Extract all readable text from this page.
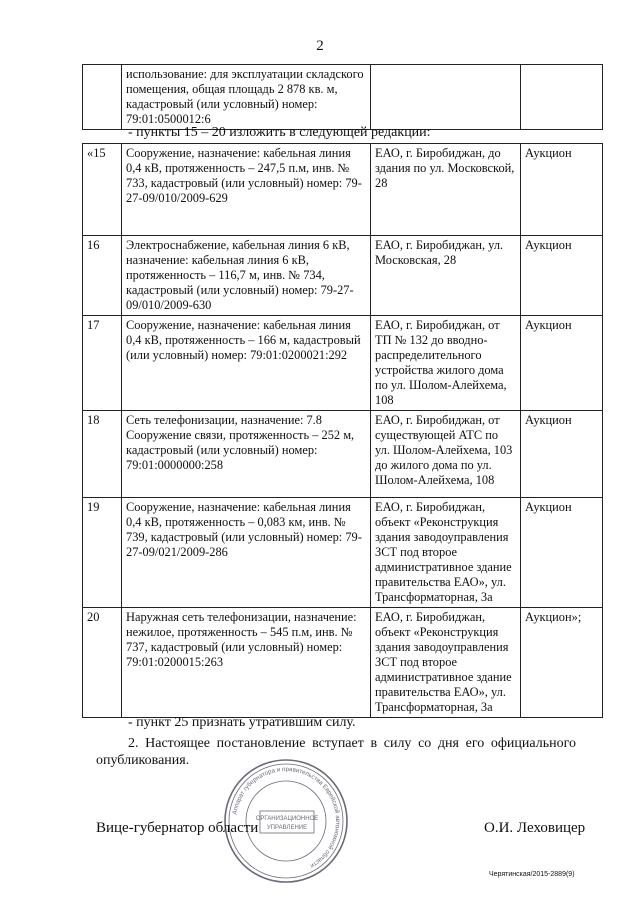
2
	использование: для эксплуатации складского помещения, общая площадь 2 878 кв. м, кадастровый (или условный) номер: 79:01:0500012:6		
- пункты 15 – 20 изложить в следующей редакции:
«15	Сооружение, назначение: кабельная линия 0,4 кВ, протяженность – 247,5 п.м, инв. № 733, кадастровый (или условный) номер: 79-27-09/010/2009-629	ЕАО, г. Биробиджан, до здания по ул. Московской, 28	Аукцион
16	Электроснабжение, кабельная линия 6 кВ, назначение: кабельная линия 6 кВ, протяженность – 116,7 м, инв. № 734, кадастровый (или условный) номер: 79-27-09/010/2009-630	ЕАО, г. Биробиджан, ул. Московская, 28	Аукцион
17	Сооружение, назначение: кабельная линия 0,4 кВ, протяженность – 166 м, кадастровый (или условный) номер: 79:01:0200021:292	ЕАО, г. Биробиджан, от ТП № 132 до вводно-распределительного устройства жилого дома по ул. Шолом-Алейхема, 108	Аукцион
18	Сеть телефонизации, назначение: 7.8 Сооружение связи, протяженность – 252 м, кадастровый (или условный) номер: 79:01:0000000:258	ЕАО, г. Биробиджан, от существующей АТС по ул. Шолом-Алейхема, 103 до жилого дома по ул. Шолом-Алейхема, 108	Аукцион
19	Сооружение, назначение: кабельная линия 0,4 кВ, протяженность – 0,083 км, инв. № 739, кадастровый (или условный) номер: 79-27-09/021/2009-286	ЕАО, г. Биробиджан, объект «Реконструкция здания заводоуправления ЗСТ под второе административное здание правительства ЕАО», ул. Трансформаторная, 3а	Аукцион
20	Наружная сеть телефонизации, назначение: нежилое, протяженность – 545 п.м, инв. № 737, кадастровый (или условный) номер: 79:01:0200015:263	ЕАО, г. Биробиджан, объект «Реконструкция здания заводоуправления ЗСТ под второе административное здание правительства ЕАО», ул. Трансформаторная, 3а	Аукцион»;
- пункт 25 признать утратившим силу.
2. Настоящее постановление вступает в силу со дня его официального опубликования.
Аппарат губернатора и правительства Еврейской автономной области
ОРГАНИЗАЦИОННОЕ
УПРАВЛЕНИЕ
Вице-губернатор области	О.И. Леховицер
Черятинская/2015-2889(9)
